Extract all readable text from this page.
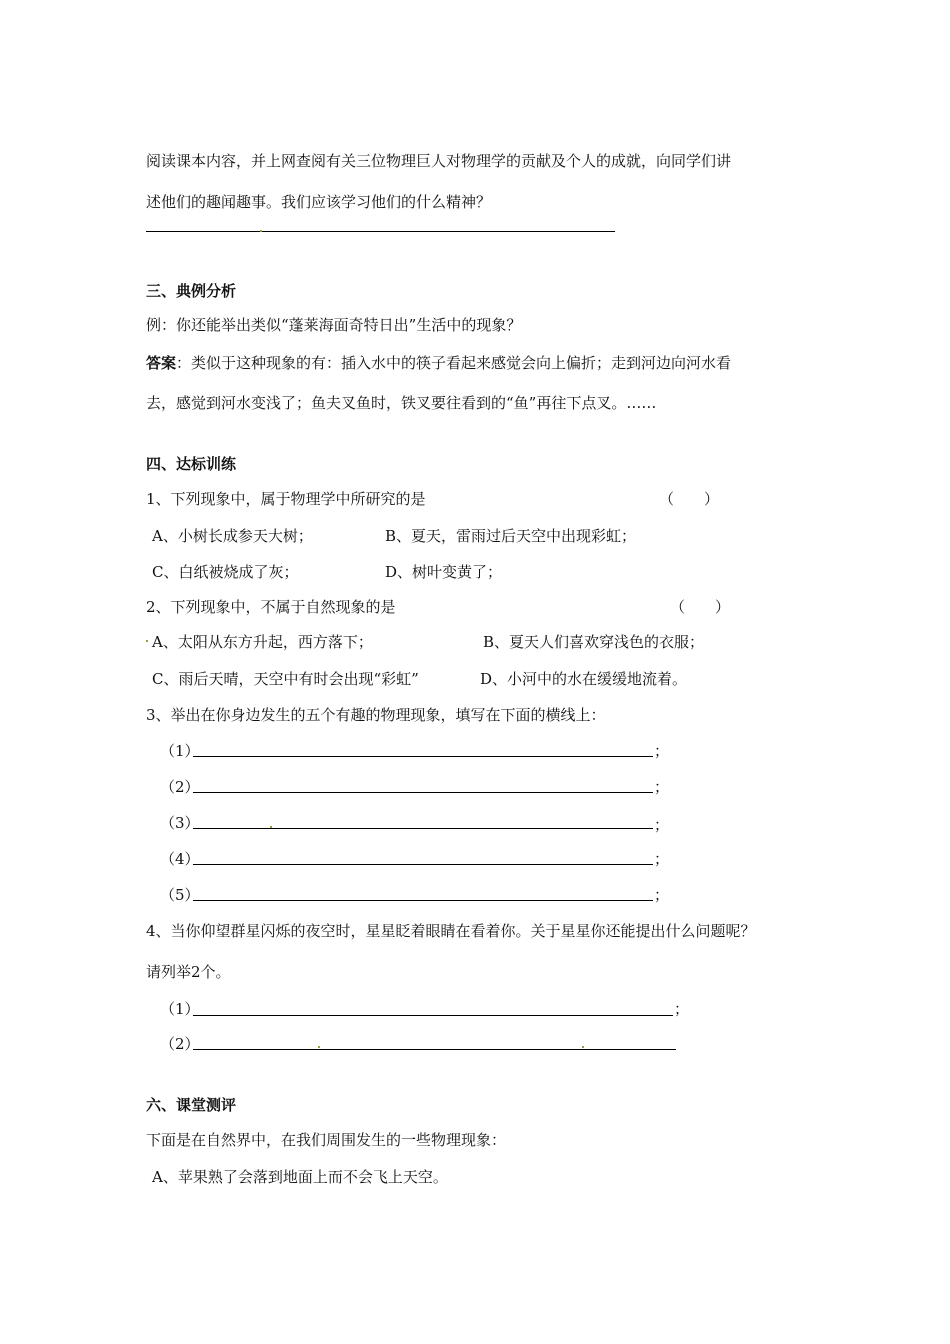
阅读课本内容，并上网查阅有关三位物理巨人对物理学的贡献及个人的成就，向同学们讲
述他们的趣闻趣事。我们应该学习他们的什么精神？
三、典例分析
例：你还能举出类似“蓬莱海面奇特日出”生活中的现象？
答案：类似于这种现象的有：插入水中的筷子看起来感觉会向上偏折；走到河边向河水看
去，感觉到河水变浅了；鱼夫叉鱼时，铁叉要往看到的“鱼”再往下点叉。……
四、达标训练
1、下列现象中，属于物理学中所研究的是	（　　）
A、小树长成参天大树；	B、夏天，雷雨过后天空中出现彩虹；
C、白纸被烧成了灰；	D、树叶变黄了；
2、下列现象中，不属于自然现象的是	（　　）
A、太阳从东方升起，西方落下；	B、夏天人们喜欢穿浅色的衣服；
C、雨后天晴，天空中有时会出现“彩虹”	D、小河中的水在缓缓地流着。
3、举出在你身边发生的五个有趣的物理现象，填写在下面的横线上：
（1）	；
（2）	；
（3）	；
（4）	；
（5）	；
4、当你仰望群星闪烁的夜空时，星星眨着眼睛在看着你。关于星星你还能提出什么问题呢？
请列举2个。
（1）	；
（2）
六、课堂测评
下面是在自然界中，在我们周围发生的一些物理现象：
A、苹果熟了会落到地面上而不会飞上天空。
